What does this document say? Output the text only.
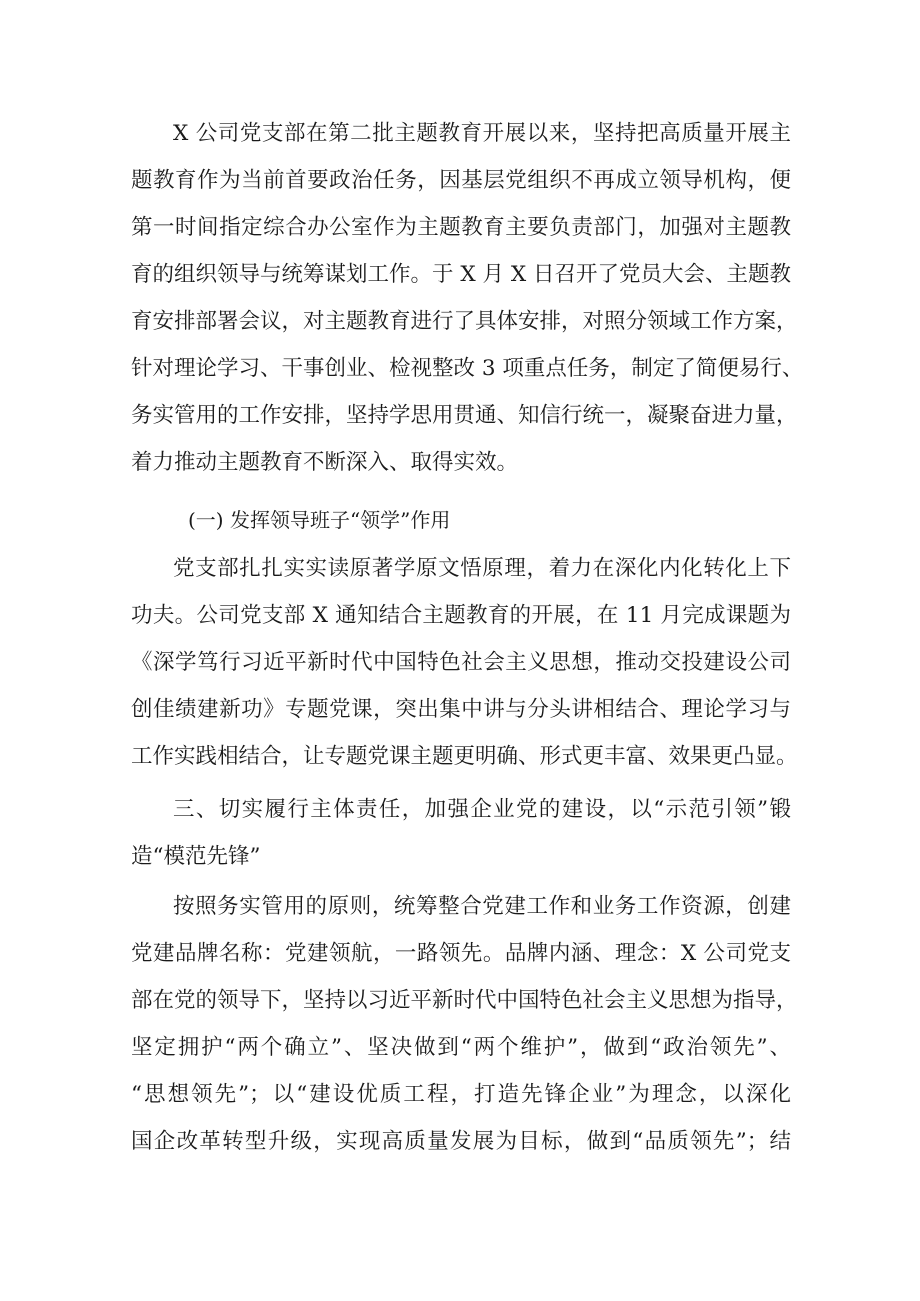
X 公司党支部在第二批主题教育开展以来，坚持把高质量开展主
题教育作为当前首要政治任务，因基层党组织不再成立领导机构，便
第一时间指定综合办公室作为主题教育主要负责部门，加强对主题教
育的组织领导与统筹谋划工作。于 X 月 X 日召开了党员大会、主题教
育安排部署会议，对主题教育进行了具体安排，对照分领域工作方案，
针对理论学习、干事创业、检视整改 3 项重点任务，制定了简便易行、
务实管用的工作安排，坚持学思用贯通、知信行统一，凝聚奋进力量，
着力推动主题教育不断深入、取得实效。
(一) 发挥领导班子“领学”作用
党支部扎扎实实读原著学原文悟原理，着力在深化内化转化上下
功夫。公司党支部 X 通知结合主题教育的开展，在 11 月完成课题为
《深学笃行习近平新时代中国特色社会主义思想，推动交投建设公司
创佳绩建新功》专题党课，突出集中讲与分头讲相结合、理论学习与
工作实践相结合，让专题党课主题更明确、形式更丰富、效果更凸显。
三、切实履行主体责任，加强企业党的建设，以“示范引领”锻
造“模范先锋”
按照务实管用的原则，统筹整合党建工作和业务工作资源，创建
党建品牌名称：党建领航，一路领先。品牌内涵、理念：X 公司党支
部在党的领导下，坚持以习近平新时代中国特色社会主义思想为指导，
坚定拥护“两个确立”、坚决做到“两个维护”，做到“政治领先”、
“思想领先”；以“建设优质工程，打造先锋企业”为理念，以深化
国企改革转型升级，实现高质量发展为目标，做到“品质领先”；结
